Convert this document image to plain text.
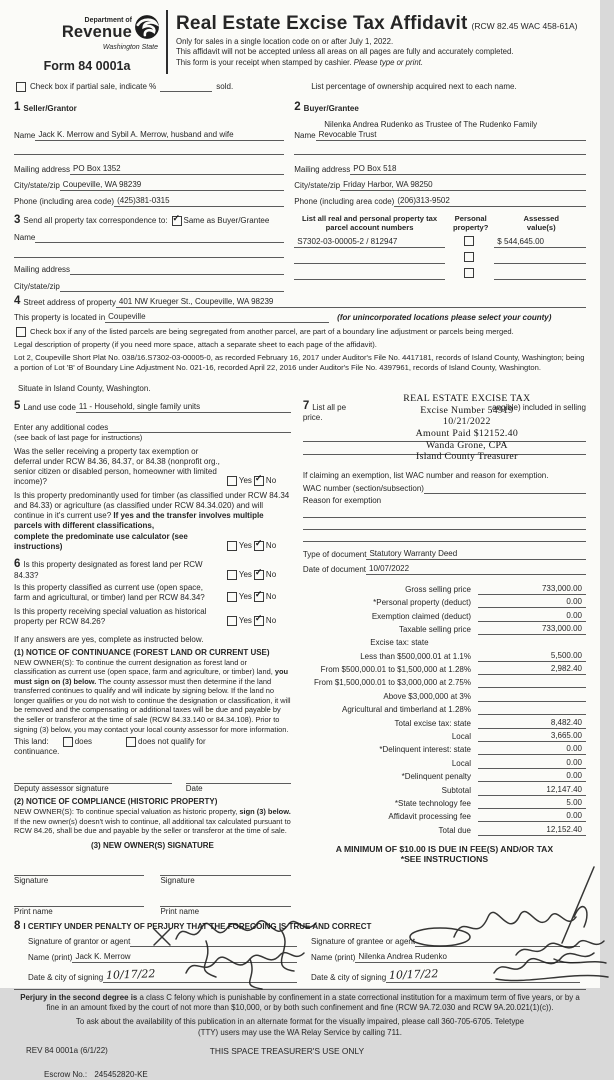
Department of
Revenue
Washington State
Form 84 0001a
Real Estate Excise Tax Affidavit (RCW 82.45 WAC 458-61A)
Only for sales in a single location code on or after July 1, 2022.
This affidavit will not be accepted unless all areas on all pages are fully and accurately completed.
This form is your receipt when stamped by cashier. Please type or print.
Check box if partial sale, indicate %
	sold.	List percentage of ownership acquired next to each name.
1 Seller/Grantor
Name Jack K. Merrow and Sybil A. Merrow, husband and wife
Mailing address PO Box 1352
City/state/zip Coupeville, WA 98239
Phone (including area code) (425)381-0315
3 Send all property tax correspondence to: ✓ Same as Buyer/Grantee
Name

Mailing address

City/state/zip

2 Buyer/Grantee
Nilenka Andrea Rudenko as Trustee of The Rudenko Family
Name Revocable Trust
Mailing address PO Box 518
City/state/zip Friday Harbor, WA 98250
Phone (including area code) (206)313-9502
List all real and personal property tax
parcel account numbers
Personal
property?
Assessed
value(s)
S7302-03-00005-2 / 812947	$ 544,645.00

4 Street address of property 401 NW Krueger St., Coupeville, WA 98239
This property is located in Coupeville	(for unincorporated locations please select your county)
Check box if any of the listed parcels are being segregated from another parcel, are part of a boundary line adjustment or parcels being merged.
Legal description of property (if you need more space, attach a separate sheet to each page of the affidavit).
Lot 2, Coupeville Short Plat No. 038/16.S7302-03-00005-0, as recorded February 16, 2017 under Auditor's File No. 4417181, records of Island County, Washington; being a portion of Lot 'B' of Boundary Line Adjustment No. 021-16, recorded April 22, 2016 under Auditor's File No. 4397961, records of Island County, Washington.
Situate in Island County, Washington.
5 Land use code 11 - Household, single family units
Enter any additional codes

(see back of last page for instructions)
Was the seller receiving a property tax exemption or deferral under RCW 84.36, 84.37, or 84.38 (nonprofit org., senior citizen or disabled person, homeowner with limited income)?	Yes ✓ No
Is this property predominantly used for timber (as classified under RCW 84.34 and 84.33) or agriculture (as classified under RCW 84.34.020) and will continue in it's current use? If yes and the transfer involves multiple parcels with different classifications,
complete the predominate use calculator (see instructions)	Yes ✓ No
6 Is this property designated as forest land per RCW 84.33?	Yes ✓ No
Is this property classified as current use (open space, farm and agricultural, or timber) land per RCW 84.34?	Yes ✓ No
Is this property receiving special valuation as historical property per RCW 84.26?	Yes ✓ No
If any answers are yes, complete as instructed below.
(1) NOTICE OF CONTINUANCE (FOREST LAND OR CURRENT USE)
NEW OWNER(S): To continue the current designation as forest land or classification as current use (open space, farm and agriculture, or timber) land, you must sign on (3) below. The county assessor must then determine if the land transferred continues to qualify and will indicate by signing below. If the land no longer qualifies or you do not wish to continue the designation or classification, it will be removed and the compensating or additional taxes will be due and payable by the seller or transferor at the time of sale (RCW 84.33.140 or 84.34.108). Prior to signing (3) below, you may contact your local county assessor for more information.
This land:	does	does not qualify for
continuance.
Deputy assessor signature	Date
(2) NOTICE OF COMPLIANCE (HISTORIC PROPERTY)
NEW OWNER(S): To continue special valuation as historic property, sign (3) below. If the new owner(s) doesn't wish to continue, all additional tax calculated pursuant to RCW 84.26, shall be due and payable by the seller or transferor at the time of sale.
(3) NEW OWNER(S) SIGNATURE
Signature	Signature
Print name	Print name
7 List all pe	angible) included in selling
price.
REAL ESTATE EXCISE TAX
Excise Number 54919
10/21/2022
Amount Paid $12152.40
Wanda Grone, CPA
Island County Treasurer
If claiming an exemption, list WAC number and reason for exemption.
WAC number (section/subsection)

Reason for exemption
Type of document Statutory Warranty Deed
Date of document 10/07/2022
Gross selling price	733,000.00
*Personal property (deduct)	0.00
Exemption claimed (deduct)	0.00
Taxable selling price	733,000.00
Excise tax: state
Less than $500,000.01 at 1.1%	5,500.00
From $500,000.01 to $1,500,000 at 1.28%	2,982.40
From $1,500,000.01 to $3,000,000 at 2.75%
Above $3,000,000 at 3%
Agricultural and timberland at 1.28%
Total excise tax: state	8,482.40
Local	3,665.00
*Delinquent interest: state	0.00
Local	0.00
*Delinquent penalty	0.00
Subtotal	12,147.40
*State technology fee	5.00
Affidavit processing fee	0.00
Total due	12,152.40
A MINIMUM OF $10.00 IS DUE IN FEE(S) AND/OR TAX
*SEE INSTRUCTIONS
8 I CERTIFY UNDER PENALTY OF PERJURY THAT THE FOREGOING IS TRUE AND CORRECT
Signature of grantor or agent

Name (print) Jack K. Merrow
Date & city of signing 10/17/22
Signature of grantee or agent

Name (print) Nilenka Andrea Rudenko
Date & city of signing 10/17/22
Perjury in the second degree is a class C felony which is punishable by confinement in a state correctional institution for a maximum term of five years, or by a fine in an amount fixed by the court of not more than $10,000, or by both such confinement and fine (RCW 9A.72.030 and RCW 9A.20.021(1)(c)).
To ask about the availability of this publication in an alternate format for the visually impaired, please call 360-705-6705. Teletype
(TTY) users may use the WA Relay Service by calling 711.
REV 84 0001a (6/1/22)	THIS SPACE TREASURER'S USE ONLY
Escrow No.: 245452820-KE
